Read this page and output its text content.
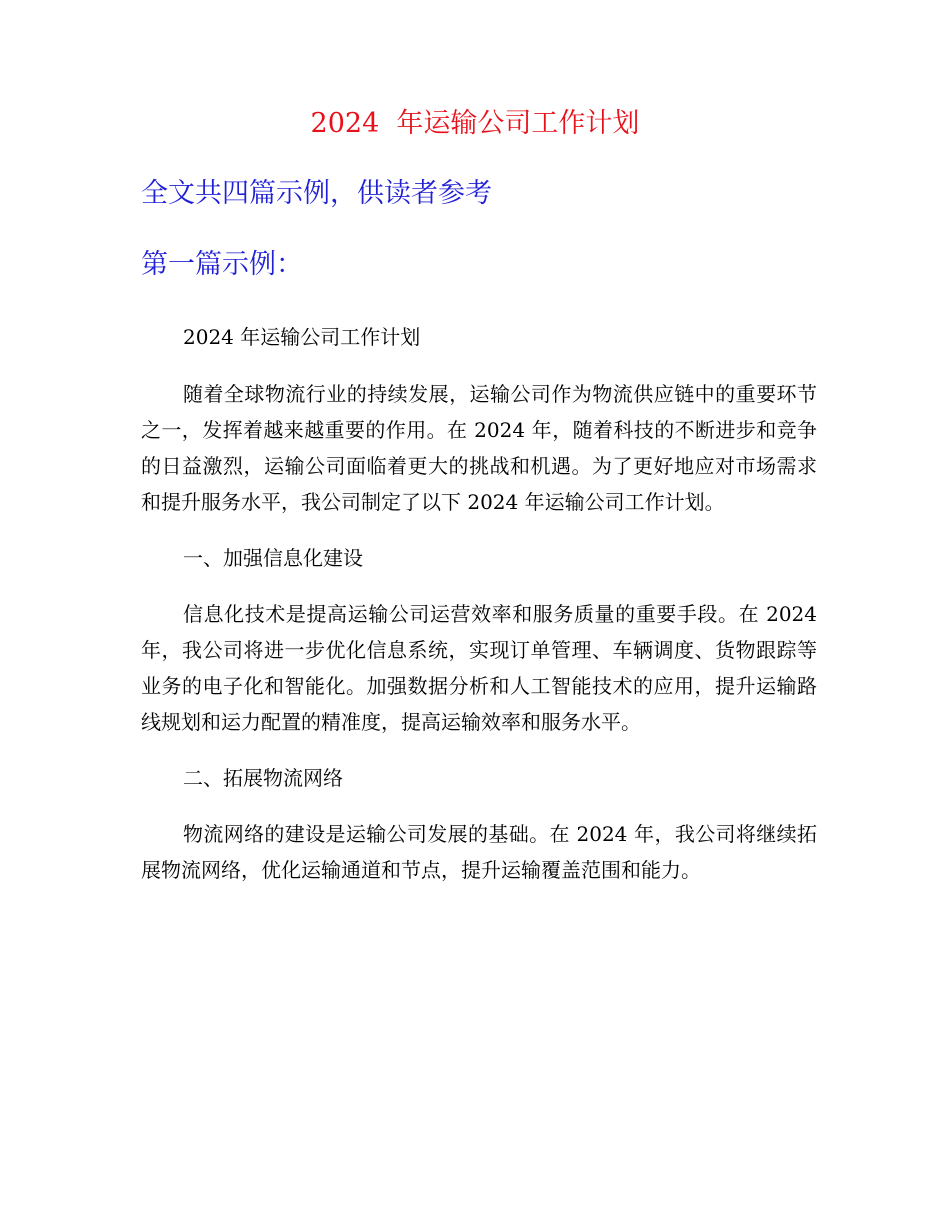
2024  年运输公司工作计划
全文共四篇示例，供读者参考
第一篇示例：

2024 年运输公司工作计划

随着全球物流行业的持续发展，运输公司作为物流供应链中的重要环节之一，发挥着越来越重要的作用。在 2024 年，随着科技的不断进步和竞争的日益激烈，运输公司面临着更大的挑战和机遇。为了更好地应对市场需求和提升服务水平，我公司制定了以下 2024 年运输公司工作计划。

一、加强信息化建设

信息化技术是提高运输公司运营效率和服务质量的重要手段。在 2024 年，我公司将进一步优化信息系统，实现订单管理、车辆调度、货物跟踪等业务的电子化和智能化。加强数据分析和人工智能技术的应用，提升运输路线规划和运力配置的精准度，提高运输效率和服务水平。

二、拓展物流网络

物流网络的建设是运输公司发展的基础。在 2024 年，我公司将继续拓展物流网络，优化运输通道和节点，提升运输覆盖范围和能力。
